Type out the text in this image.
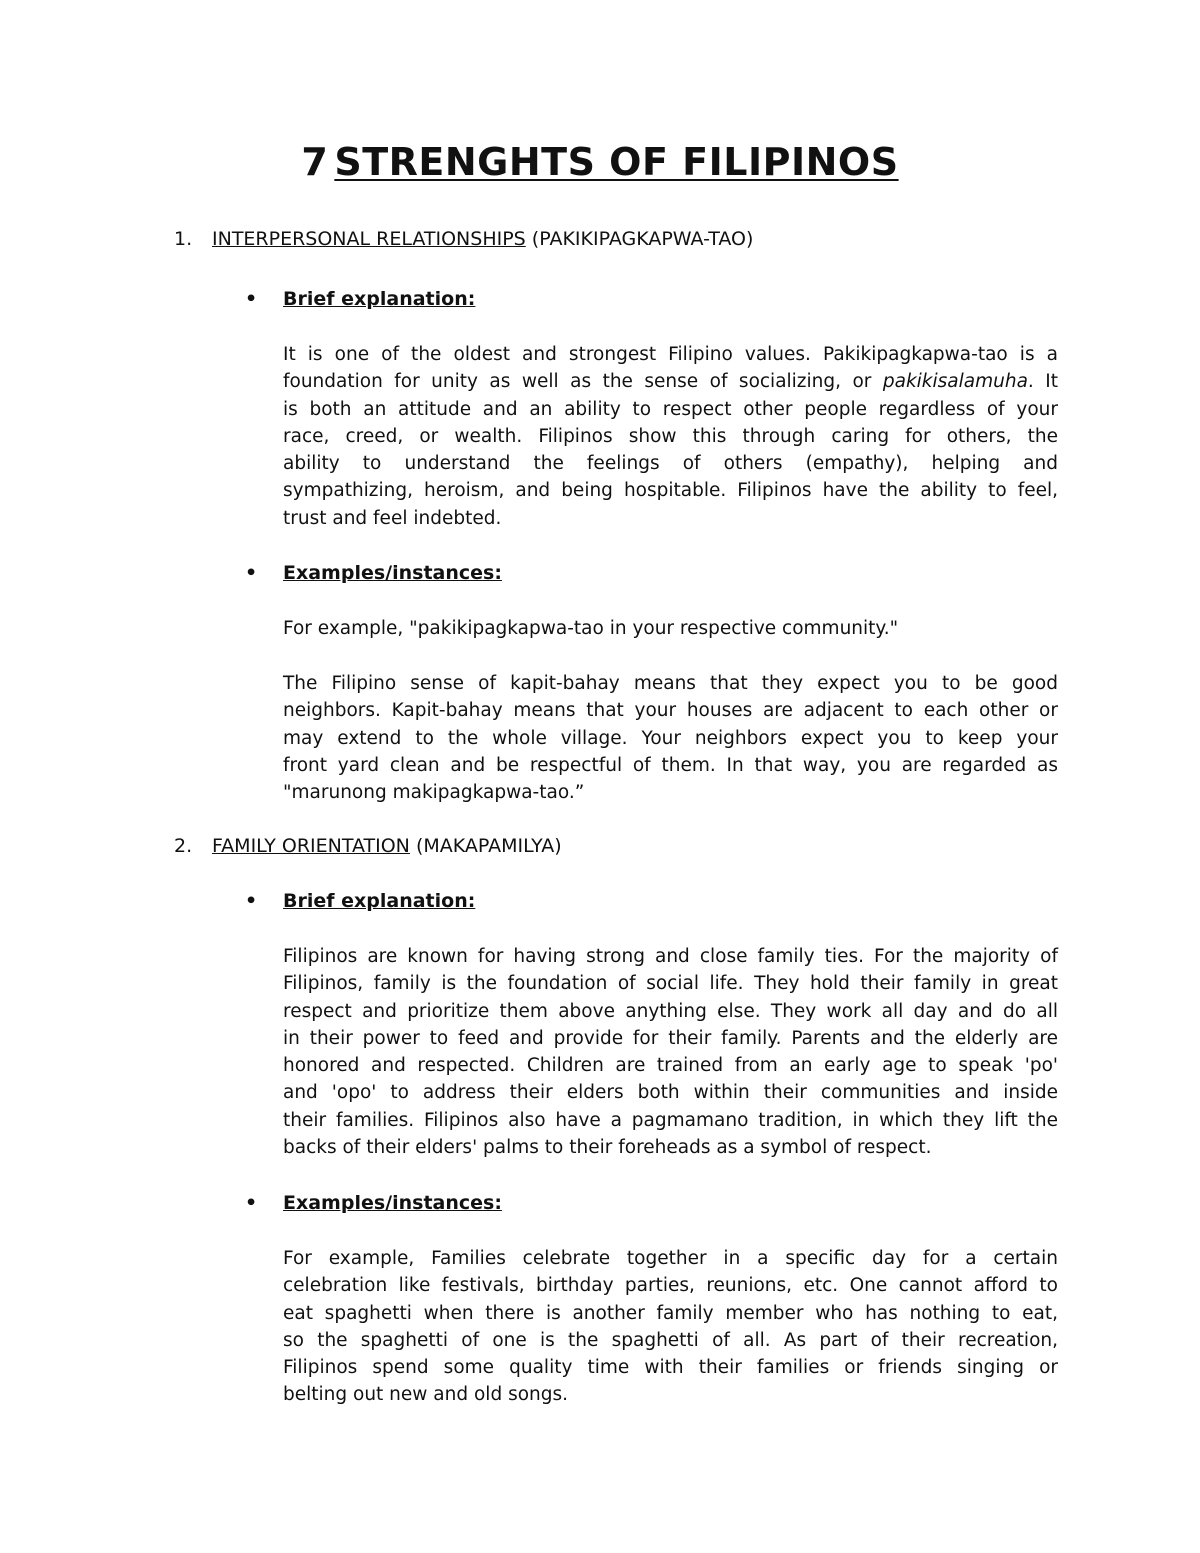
7 STRENGHTS OF FILIPINOS

1. INTERPERSONAL RELATIONSHIPS (PAKIKIPAGKAPWA-TAO)

• Brief explanation:

It is one of the oldest and strongest Filipino values. Pakikipagkapwa-tao is a
foundation for unity as well as the sense of socializing, or pakikisalamuha. It
is both an attitude and an ability to respect other people regardless of your
race, creed, or wealth. Filipinos show this through caring for others, the
ability to understand the feelings of others (empathy), helping and
sympathizing, heroism, and being hospitable. Filipinos have the ability to feel,
trust and feel indebted.

• Examples/instances:

For example, "pakikipagkapwa-tao in your respective community."
The Filipino sense of kapit-bahay means that they expect you to be good
neighbors. Kapit-bahay means that your houses are adjacent to each other or
may extend to the whole village. Your neighbors expect you to keep your
front yard clean and be respectful of them. In that way, you are regarded as
"marunong makipagkapwa-tao.”

2. FAMILY ORIENTATION (MAKAPAMILYA)

• Brief explanation:

Filipinos are known for having strong and close family ties. For the majority of
Filipinos, family is the foundation of social life. They hold their family in great
respect and prioritize them above anything else. They work all day and do all
in their power to feed and provide for their family. Parents and the elderly are
honored and respected. Children are trained from an early age to speak 'po'
and 'opo' to address their elders both within their communities and inside
their families. Filipinos also have a pagmamano tradition, in which they lift the
backs of their elders' palms to their foreheads as a symbol of respect.

• Examples/instances:

For example, Families celebrate together in a specific day for a certain
celebration like festivals, birthday parties, reunions, etc. One cannot afford to
eat spaghetti when there is another family member who has nothing to eat,
so the spaghetti of one is the spaghetti of all. As part of their recreation,
Filipinos spend some quality time with their families or friends singing or
belting out new and old songs.
